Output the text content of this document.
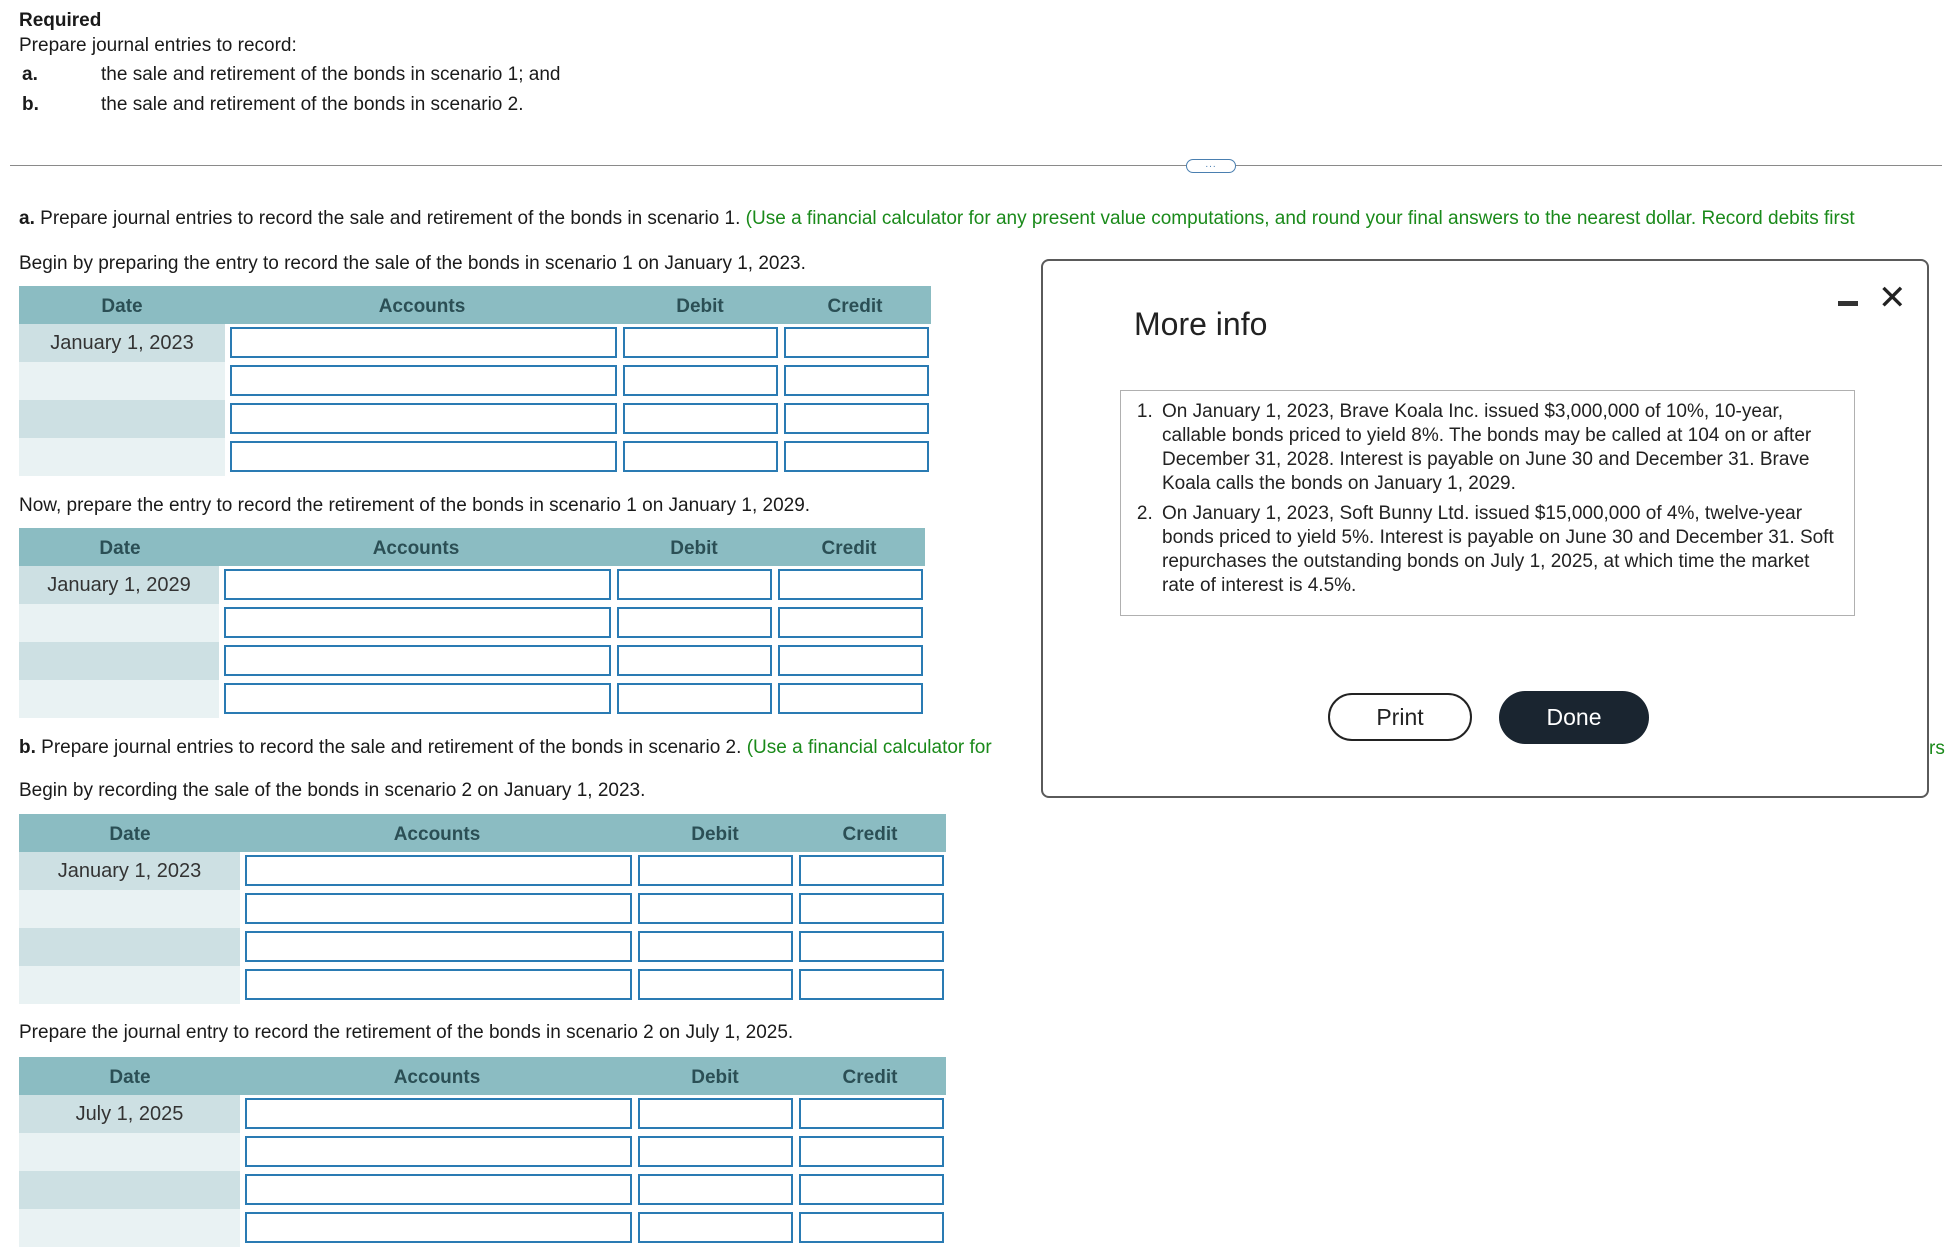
Required
Prepare journal entries to record:
a.	the sale and retirement of the bonds in scenario 1; and
b.	the sale and retirement of the bonds in scenario 2.
...
a. Prepare journal entries to record the sale and retirement of the bonds in scenario 1. (Use a financial calculator for any present value computations, and round your final answers to the nearest dollar. Record debits first
Begin by preparing the entry to record the sale of the bonds in scenario 1 on January 1, 2023.
Date	Accounts	Debit	Credit
January 1, 2023
Now, prepare the entry to record the retirement of the bonds in scenario 1 on January 1, 2029.
Date	Accounts	Debit	Credit
January 1, 2029
b. Prepare journal entries to record the sale and retirement of the bonds in scenario 2. (Use a financial calculator for
Begin by recording the sale of the bonds in scenario 2 on January 1, 2023.
Date	Accounts	Debit	Credit
January 1, 2023
Prepare the journal entry to record the retirement of the bonds in scenario 2 on July 1, 2025.
Date	Accounts	Debit	Credit
July 1, 2025
More info
✕
1. On January 1, 2023, Brave Koala Inc. issued $3,000,000 of 10%, 10-year, callable bonds priced to yield 8%. The bonds may be called at 104 on or after December 31, 2028. Interest is payable on June 30 and December 31. Brave Koala calls the bonds on January 1, 2029.
2. On January 1, 2023, Soft Bunny Ltd. issued $15,000,000 of 4%, twelve-year bonds priced to yield 5%. Interest is payable on June 30 and December 31. Soft repurchases the outstanding bonds on July 1, 2025, at which time the market rate of interest is 4.5%.
Print	Done
rs
